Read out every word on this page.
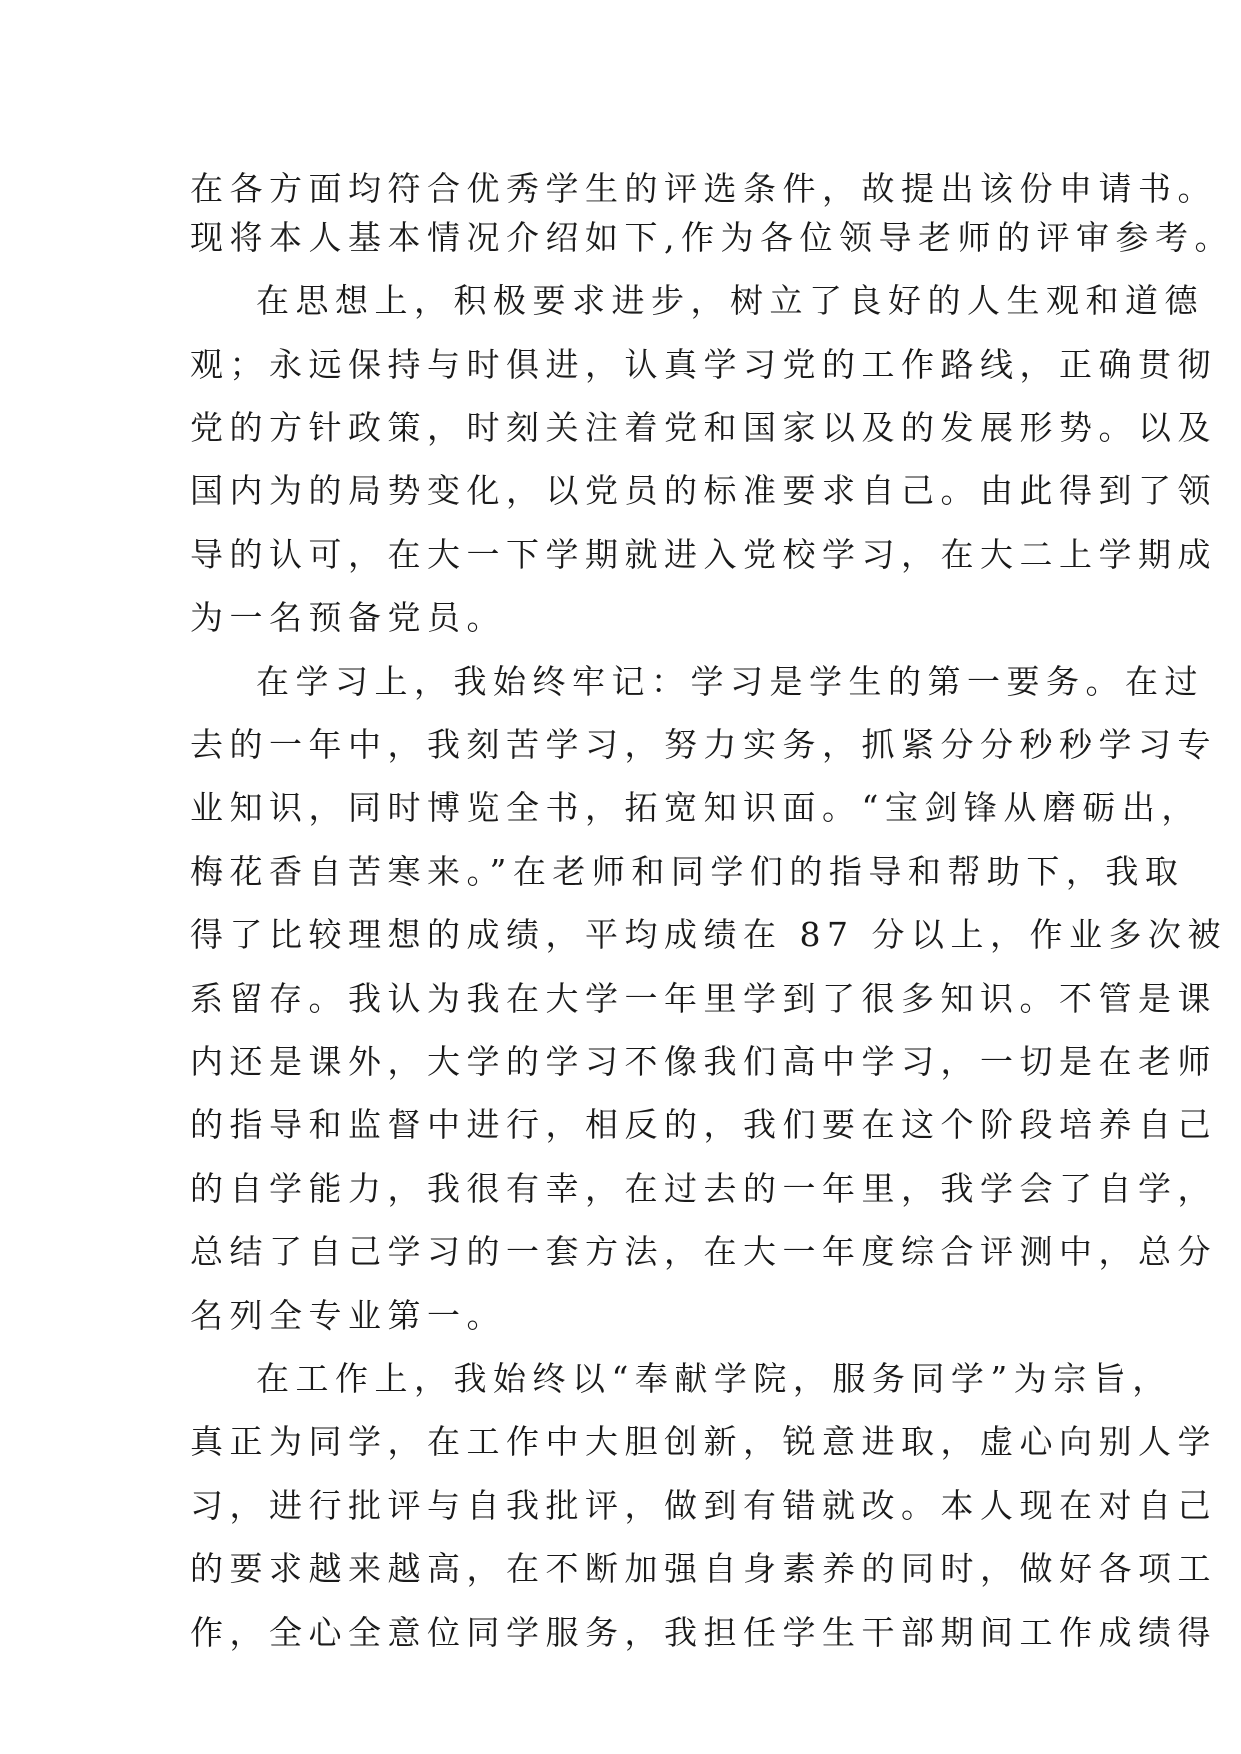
在各方面均符合优秀学生的评选条件，故提出该份申请书。
现将本人基本情况介绍如下,作为各位领导老师的评审参考。
在思想上，积极要求进步，树立了良好的人生观和道德
观；永远保持与时俱进，认真学习党的工作路线，正确贯彻
党的方针政策，时刻关注着党和国家以及的发展形势。以及
国内为的局势变化，以党员的标准要求自己。由此得到了领
导的认可，在大一下学期就进入党校学习，在大二上学期成
为一名预备党员。
在学习上，我始终牢记：学习是学生的第一要务。在过
去的一年中，我刻苦学习，努力实务，抓紧分分秒秒学习专
业知识，同时博览全书，拓宽知识面。“宝剑锋从磨砺出，
梅花香自苦寒来。”在老师和同学们的指导和帮助下，我取
得了比较理想的成绩，平均成绩在 87 分以上，作业多次被
系留存。我认为我在大学一年里学到了很多知识。不管是课
内还是课外，大学的学习不像我们高中学习，一切是在老师
的指导和监督中进行，相反的，我们要在这个阶段培养自己
的自学能力，我很有幸，在过去的一年里，我学会了自学，
总结了自己学习的一套方法，在大一年度综合评测中，总分
名列全专业第一。
在工作上，我始终以“奉献学院，服务同学”为宗旨，
真正为同学，在工作中大胆创新，锐意进取，虚心向别人学
习，进行批评与自我批评，做到有错就改。本人现在对自己
的要求越来越高，在不断加强自身素养的同时，做好各项工
作，全心全意位同学服务，我担任学生干部期间工作成绩得
